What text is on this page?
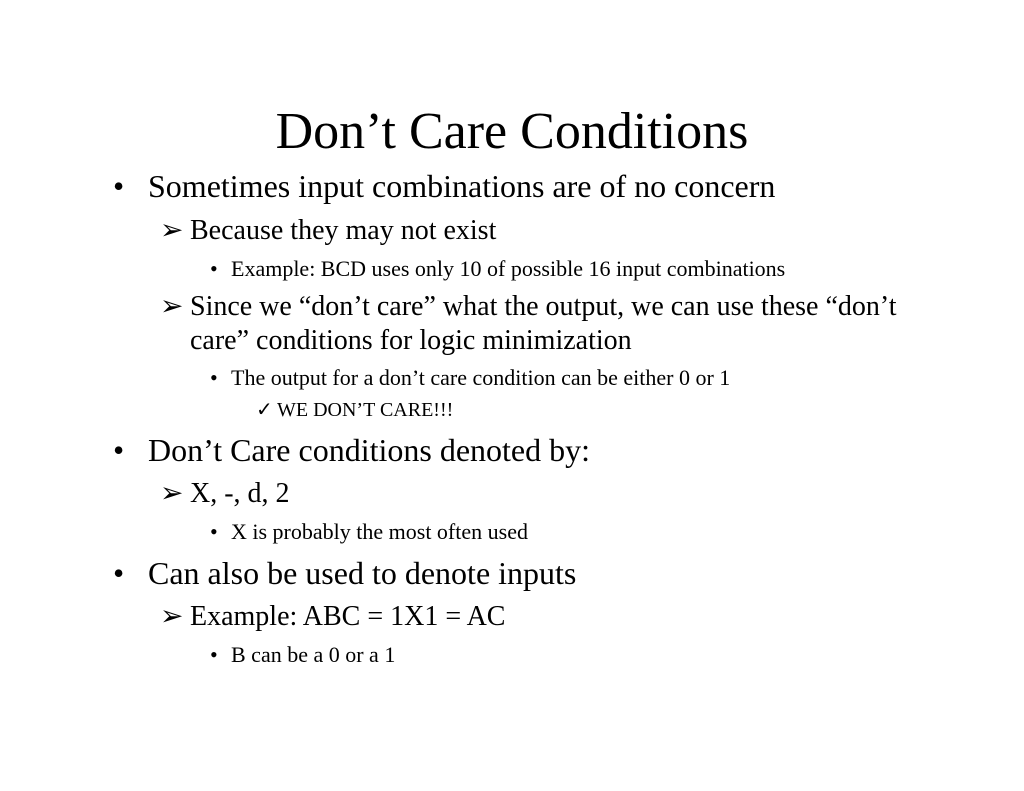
Don’t Care Conditions
• Sometimes input combinations are of no concern
➢ Because they may not exist
• Example: BCD uses only 10 of possible 16 input combinations
➢ Since we “don’t care” what the output, we can use these “don’t care” conditions for logic minimization
• The output for a don’t care condition can be either 0 or 1
✓ WE DON’T CARE!!!
• Don’t Care conditions denoted by:
➢ X, -, d, 2
• X is probably the most often used
• Can also be used to denote inputs
➢ Example: ABC = 1X1 = AC
• B can be a 0 or a 1
